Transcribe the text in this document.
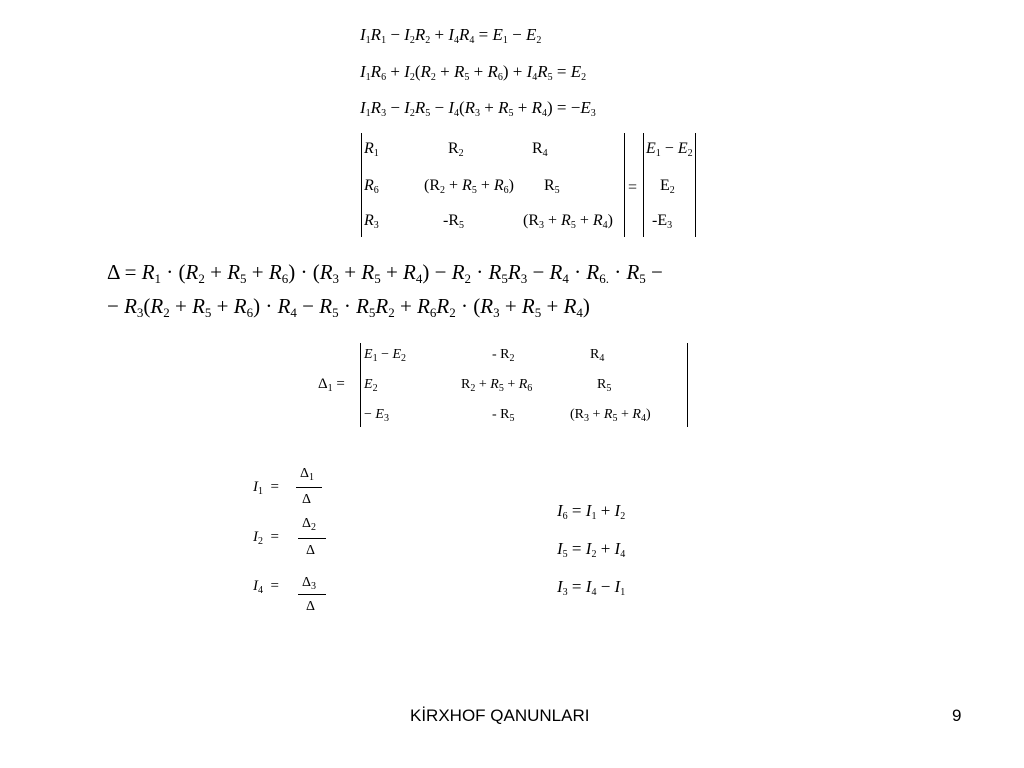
$I_1R_1 - I_2R_2 + I_4R_4 = E_1 - E_2$
$I_1R_6 + I_2(R_2 + R_5 + R_6) + I_4R_5 = E_2$
$I_1R_3 - I_2R_5 - I_4(R_3 + R_5 + R_4) = -E_3$
$R_1$	$R_2$	$R_4$
$R_6$	$(R_2 + R_5 + R_6)$ $R_5$
$R_3$	$-R_5$	$(R_3 + R_5 + R_4)$
=
$E_1 - E_2$
$E_2$
$-E_3$
$\Delta = R_1 \cdot (R_2 + R_5 + R_6) \cdot (R_3 + R_5 + R_4) - R_2 \cdot R_5R_3 - R_4 \cdot R_{6.} \cdot R_5$ −
− $R_3(R_2 + R_5 + R_6) \cdot R_4 - R_5 \cdot R_5R_2 + R_6R_2 \cdot (R_3 + R_5 + R_4)$
$\Delta_1$ =
$E_1 - E_2$	- $R_2$	$R_4$
$E_2$	$R_2 + R_5 + R_6$	$R_5$
− $E_3$	- $R_5$	$(R_3 + R_5 + R_4)$
$I_1$  =
$\Delta_1$
Δ
$I_2$  =
$\Delta_2$
Δ
$I_4 = \Delta_3$
Δ
$I_6 = I_1 + I_2$
$I_5 = I_2 + I_4$
$I_3 = I_4 - I_1$
KİRXHOF QANUNLARI	9
